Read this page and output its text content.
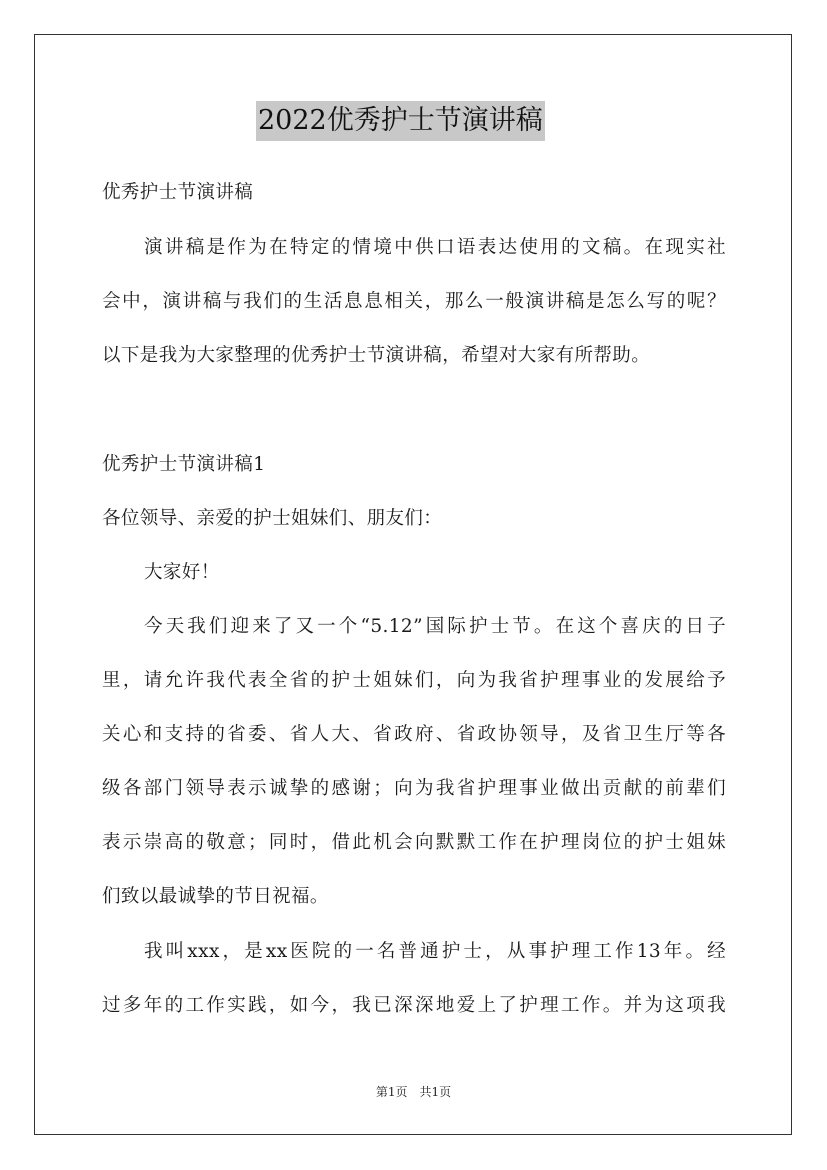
2022优秀护士节演讲稿
优秀护士节演讲稿
演讲稿是作为在特定的情境中供口语表达使用的文稿。在现实社
会中，演讲稿与我们的生活息息相关，那么一般演讲稿是怎么写的呢？
以下是我为大家整理的优秀护士节演讲稿，希望对大家有所帮助。
优秀护士节演讲稿1
各位领导、亲爱的护士姐妹们、朋友们：
大家好！
今天我们迎来了又一个“5.12”国际护士节。在这个喜庆的日子
里，请允许我代表全省的护士姐妹们，向为我省护理事业的发展给予
关心和支持的省委、省人大、省政府、省政协领导，及省卫生厅等各
级各部门领导表示诚挚的感谢；向为我省护理事业做出贡献的前辈们
表示崇高的敬意；同时，借此机会向默默工作在护理岗位的护士姐妹
们致以最诚挚的节日祝福。
我叫xxx，是xx医院的一名普通护士，从事护理工作13年。经
过多年的工作实践，如今，我已深深地爱上了护理工作。并为这项我
第1页　共1页
